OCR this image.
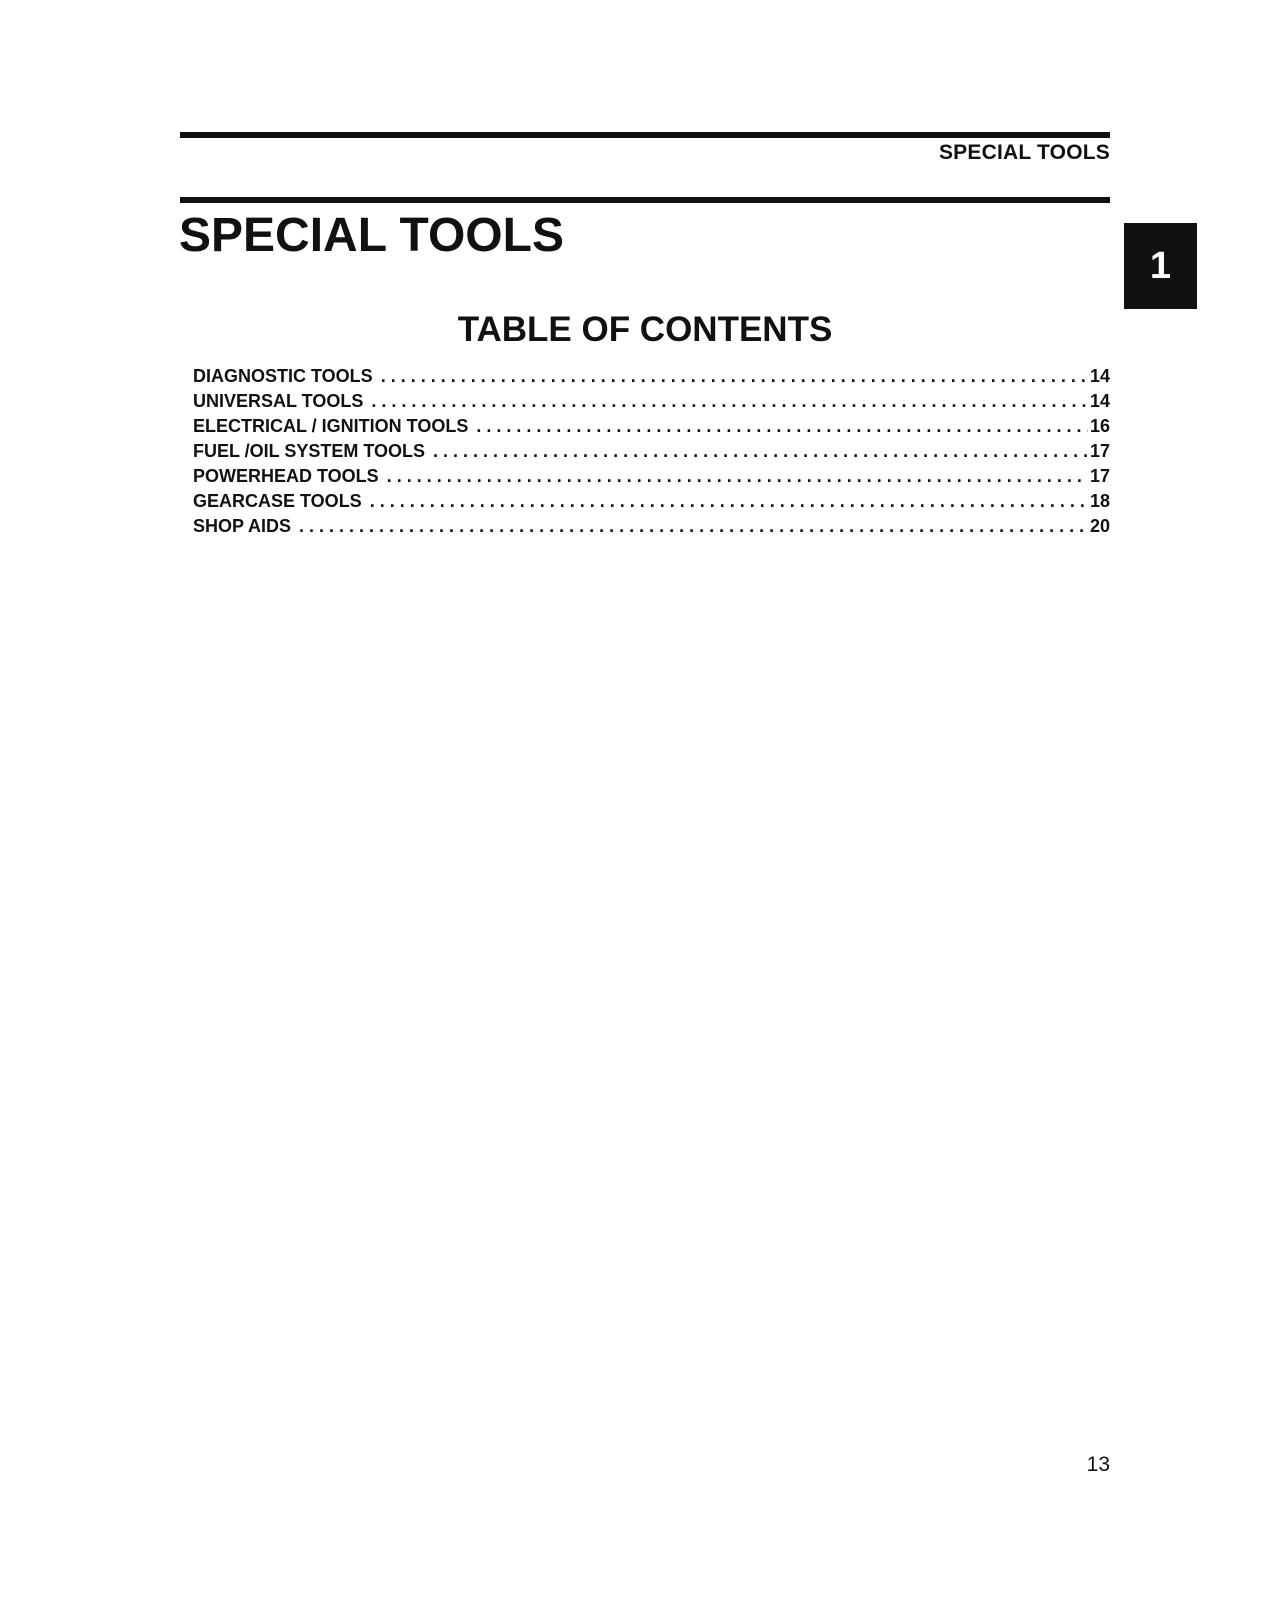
SPECIAL TOOLS
SPECIAL TOOLS
1
TABLE OF CONTENTS
DIAGNOSTIC TOOLS . . .	14
UNIVERSAL TOOLS . . .	14
ELECTRICAL / IGNITION TOOLS . . .	16
FUEL /OIL SYSTEM TOOLS . . .	17
POWERHEAD TOOLS . . .	17
GEARCASE TOOLS . . .	18
SHOP AIDS . . .	20
13
